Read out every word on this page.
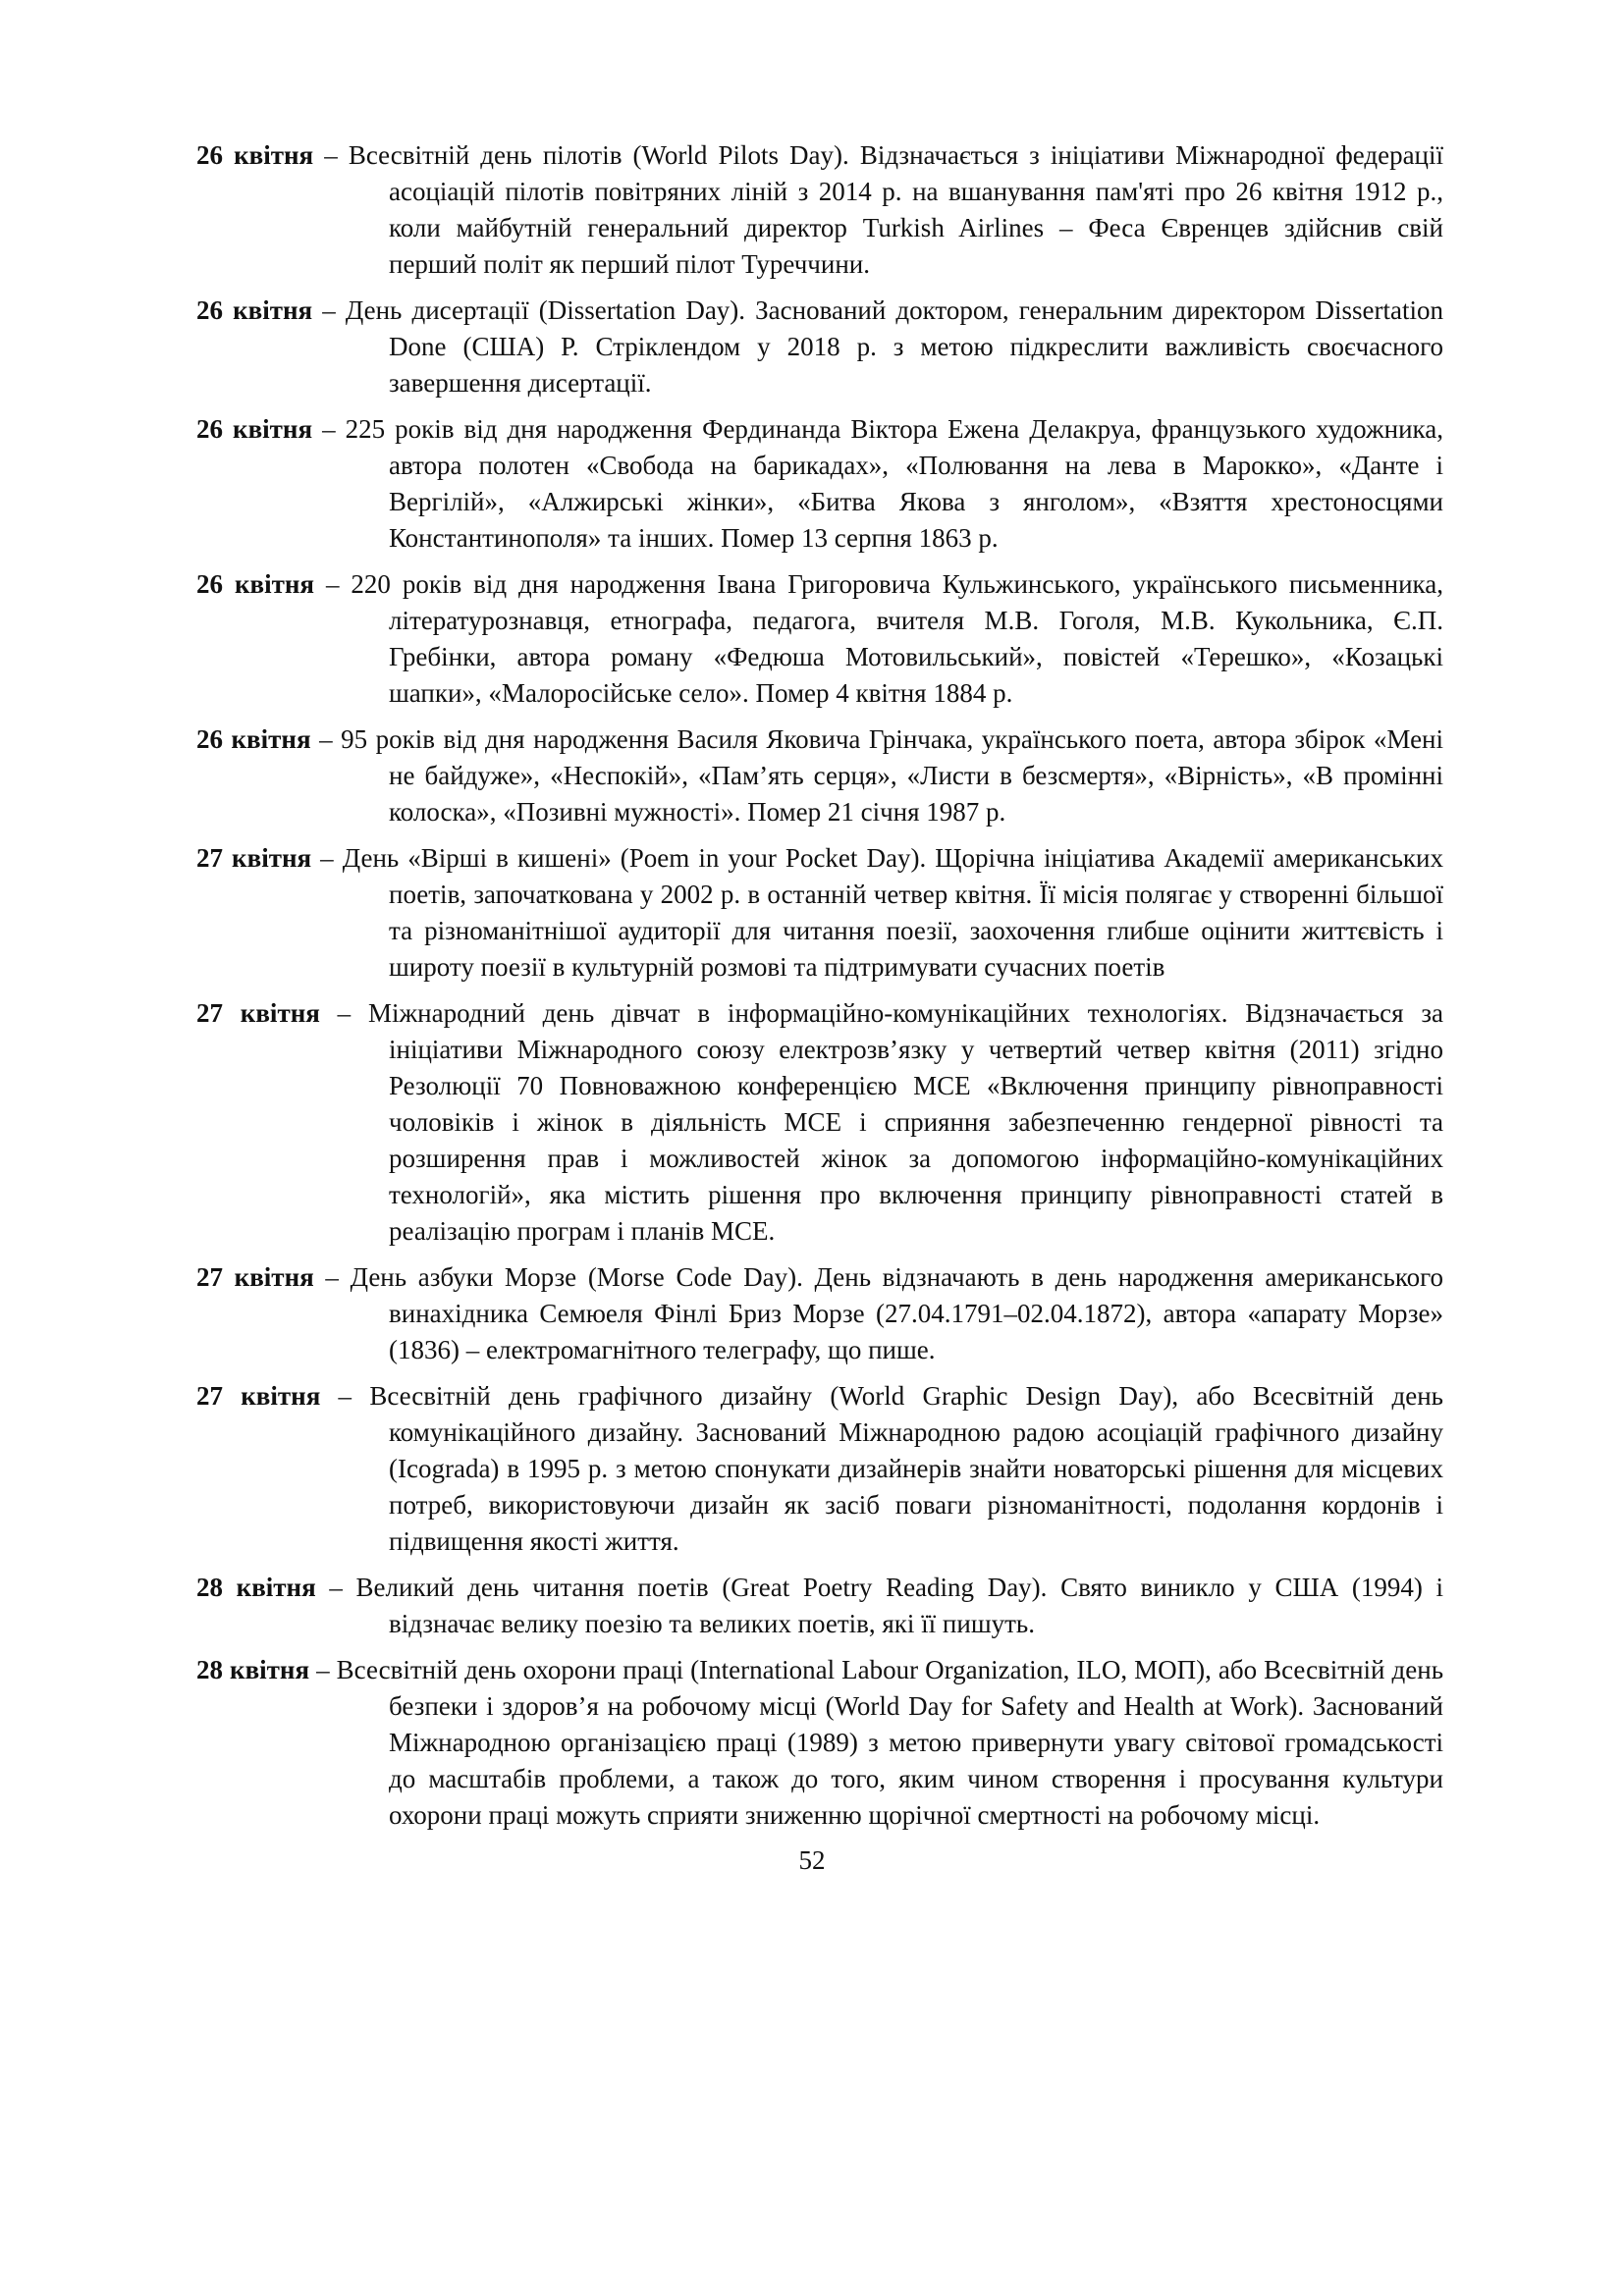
26 квітня – Всесвітній день пілотів (World Pilots Day). Відзначається з ініціативи Міжнародної федерації асоціацій пілотів повітряних ліній з 2014 р. на вшанування пам'яті про 26 квітня 1912 р., коли майбутній генеральний директор Turkish Airlines – Феса Євренцев здійснив свій перший політ як перший пілот Туреччини.

26 квітня – День дисертації (Dissertation Day). Заснований доктором, генеральним директором Dissertation Done (США) Р. Стріклендом у 2018 р. з метою підкреслити важливість своєчасного завершення дисертації.

26 квітня – 225 років від дня народження Фердинанда Віктора Ежена Делакруа, французького художника, автора полотен «Свобода на барикадах», «Полювання на лева в Марокко», «Данте і Вергілій», «Алжирські жінки», «Битва Якова з янголом», «Взяття хрестоносцями Константинополя» та інших. Помер 13 серпня 1863 р.

26 квітня – 220 років від дня народження Івана Григоровича Кульжинського, українського письменника, літературознавця, етнографа, педагога, вчителя М.В. Гоголя, М.В. Кукольника, Є.П. Гребінки, автора роману «Федюша Мотовильський», повістей «Терешко», «Козацькі шапки», «Малоросійське село». Помер 4 квітня 1884 р.

26 квітня – 95 років від дня народження Василя Яковича Грінчака, українського поета, автора збірок «Мені не байдуже», «Неспокій», «Пам’ять серця», «Листи в безсмертя», «Вірність», «В промінні колоска», «Позивні мужності». Помер 21 січня 1987 р.

27 квітня – День «Вірші в кишені» (Poem in your Pocket Day). Щорічна ініціатива Академії американських поетів, започаткована у 2002 р. в останній четвер квітня. Її місія полягає у створенні більшої та різноманітнішої аудиторії для читання поезії, заохочення глибше оцінити життєвість і широту поезії в культурній розмові та підтримувати сучасних поетів

27 квітня – Міжнародний день дівчат в інформаційно-комунікаційних технологіях. Відзначається за ініціативи Міжнародного союзу електрозв’язку у четвертий четвер квітня (2011) згідно Резолюції 70 Повноважною конференцією МСЕ «Включення принципу рівноправності чоловіків і жінок в діяльність МСЕ і сприяння забезпеченню гендерної рівності та розширення прав і можливостей жінок за допомогою інформаційно-комунікаційних технологій», яка містить рішення про включення принципу рівноправності статей в реалізацію програм і планів МСЕ.

27 квітня – День азбуки Морзе (Morse Code Day). День відзначають в день народження американського винахідника Семюеля Фінлі Бриз Морзе (27.04.1791–02.04.1872), автора «апарату Морзе» (1836) – електромагнітного телеграфу, що пише.

27 квітня – Всесвітній день графічного дизайну (World Graphic Design Day), або Всесвітній день комунікаційного дизайну. Заснований Міжнародною радою асоціацій графічного дизайну (Icograda) в 1995 р. з метою спонукати дизайнерів знайти новаторські рішення для місцевих потреб, використовуючи дизайн як засіб поваги різноманітності, подолання кордонів і підвищення якості життя.

28 квітня – Великий день читання поетів (Great Poetry Reading Day). Свято виникло у США (1994) і відзначає велику поезію та великих поетів, які її пишуть.

28 квітня – Всесвітній день охорони праці (International Labour Organization, ILO, МОП), або Всесвітній день безпеки і здоров’я на робочому місці (World Day for Safety and Health at Work). Заснований Міжнародною організацією праці (1989) з метою привернути увагу світової громадськості до масштабів проблеми, а також до того, яким чином створення і просування культури охорони праці можуть сприяти зниженню щорічної смертності на робочому місці.

52
